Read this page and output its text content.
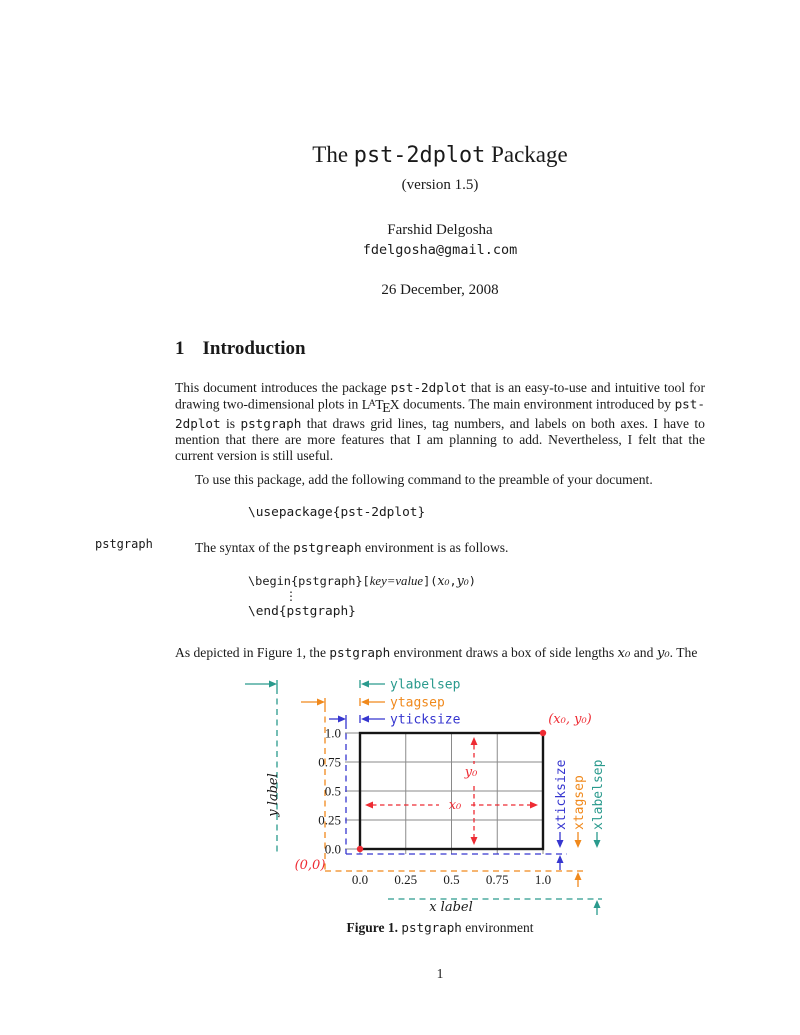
The pst-2dplot Package
(version 1.5)
Farshid Delgosha
fdelgosha@gmail.com
26 December, 2008
pstgraph
1 Introduction

This document introduces the package pst-2dplot that is an easy-to-use and intuitive tool for drawing two-dimensional plots in LATEX documents. The main environment introduced by pst-2dplot is pstgraph that draws grid lines, tag numbers, and labels on both axes. I have to mention that there are more features that I am planning to add. Nevertheless, I felt that the current version is still useful.

To use this package, add the following command to the preamble of your document.

\usepackage{pst-2dplot}

The syntax of the pstgreaph environment is as follows.

\begin{pstgraph}[key=value](x₀,y₀)
⋮
\end{pstgraph}

As depicted in Figure 1, the pstgraph environment draws a box of side lengths x₀ and y₀. The

ylabelsep
ytagsep
yticksize
xticksize xtagsep xlabelsep
1.0
0.75
0.5
0.25
0.0
0.0 0.25 0.5 0.75 1.0
y label
x label
(x₀, y₀)
(0,0)
x₀
y₀
Figure 1. pstgraph environment
1
